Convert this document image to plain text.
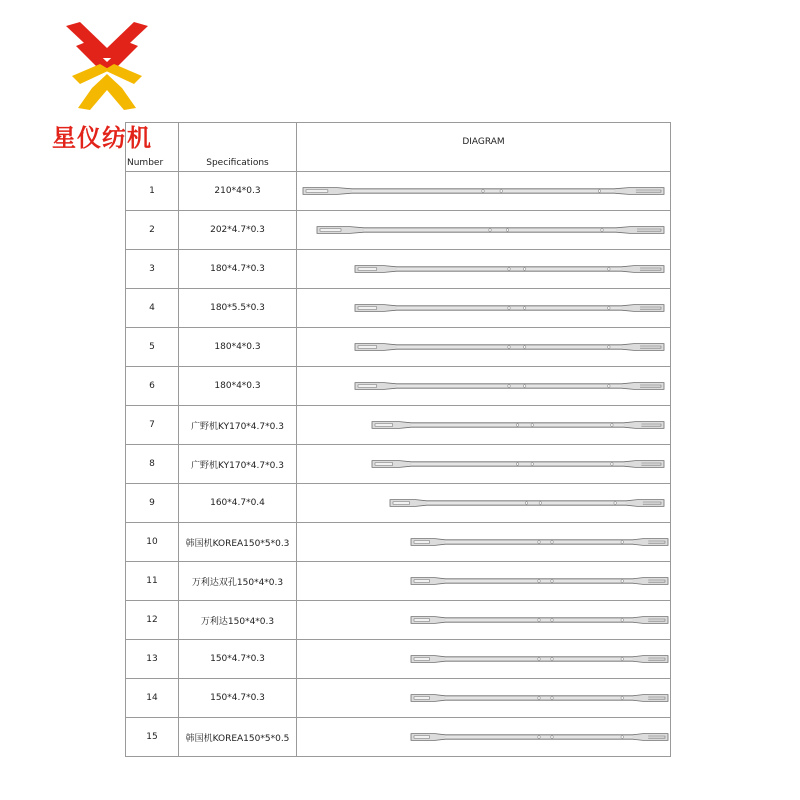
星仪纺机
Number	Specifications	DIAGRAM
1	210*4*0.3	

2	202*4.7*0.3	

3	180*4.7*0.3	

4	180*5.5*0.3	

5	180*4*0.3	

6	180*4*0.3	

7	广野机KY170*4.7*0.3	

8	广野机KY170*4.7*0.3	

9	160*4.7*0.4	

10	韩国机KOREA150*5*0.3	

11	万利达双孔150*4*0.3	

12	万利达150*4*0.3	

13	150*4.7*0.3	

14	150*4.7*0.3	

15	韩国机KOREA150*5*0.5	
